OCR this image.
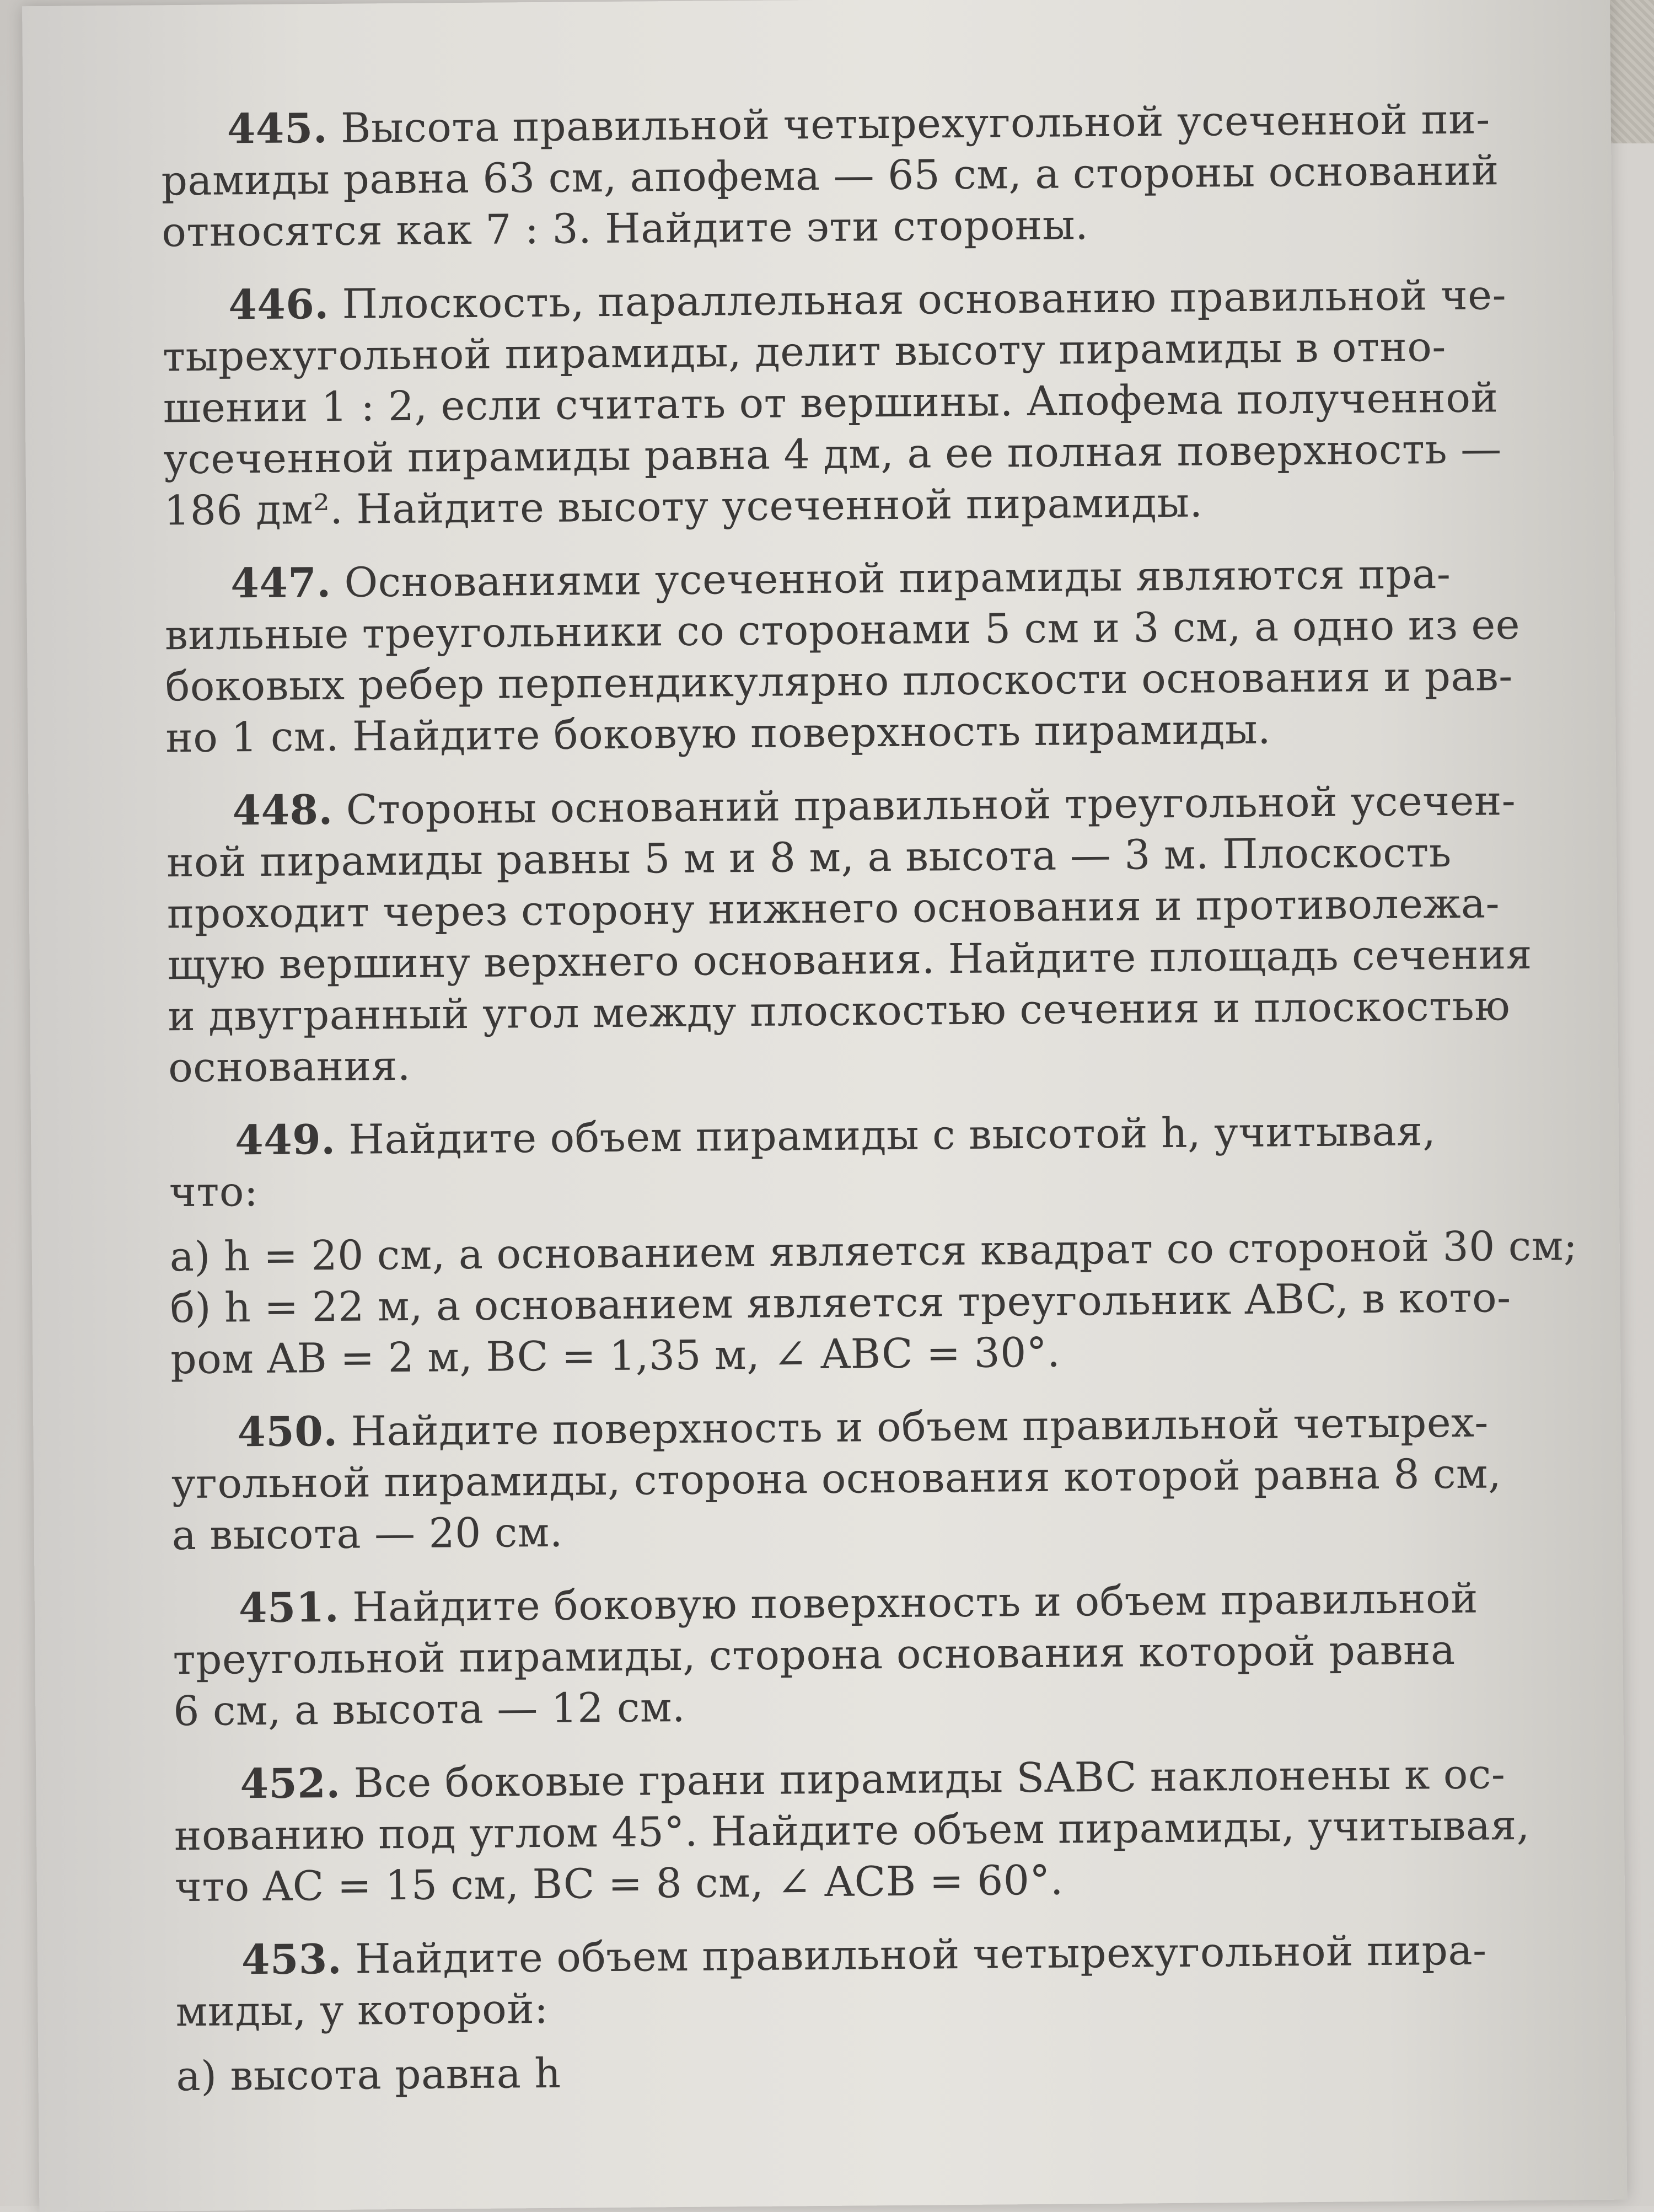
445. Высота правильной четырехугольной усеченной пи-
рамиды равна 63 см, апофема — 65 см, а стороны оснований
относятся как 7 : 3. Найдите эти стороны.
446. Плоскость, параллельная основанию правильной че-
тырехугольной пирамиды, делит высоту пирамиды в отно-
шении 1 : 2, если считать от вершины. Апофема полученной
усеченной пирамиды равна 4 дм, а ее полная поверхность —
186 дм². Найдите высоту усеченной пирамиды.
447. Основаниями усеченной пирамиды являются пра-
вильные треугольники со сторонами 5 см и 3 см, а одно из ее
боковых ребер перпендикулярно плоскости основания и рав-
но 1 см. Найдите боковую поверхность пирамиды.
448. Стороны оснований правильной треугольной усечен-
ной пирамиды равны 5 м и 8 м, а высота — 3 м. Плоскость
проходит через сторону нижнего основания и противолежа-
щую вершину верхнего основания. Найдите площадь сечения
и двугранный угол между плоскостью сечения и плоскостью
основания.
449. Найдите объем пирамиды с высотой h, учитывая,
что:
а) h = 20 см, а основанием является квадрат со стороной 30 см;
б) h = 22 м, а основанием является треугольник ABC, в кото-
ром AB = 2 м, BC = 1,35 м, ∠ ABC = 30°.
450. Найдите поверхность и объем правильной четырех-
угольной пирамиды, сторона основания которой равна 8 см,
а высота — 20 см.
451. Найдите боковую поверхность и объем правильной
треугольной пирамиды, сторона основания которой равна
6 см, а высота — 12 см.
452. Все боковые грани пирамиды SABC наклонены к ос-
нованию под углом 45°. Найдите объем пирамиды, учитывая,
что AC = 15 см, BC = 8 см, ∠ ACB = 60°.
453. Найдите объем правильной четырехугольной пира-
миды, у которой:
а) высота равна h
